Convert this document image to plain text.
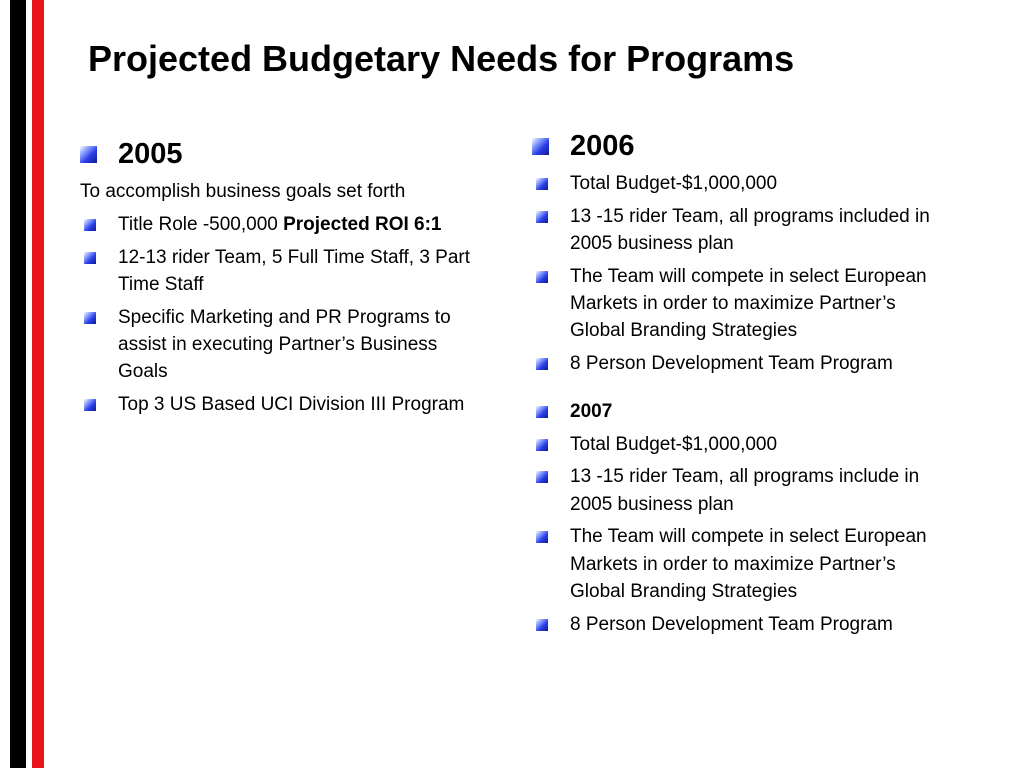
Projected Budgetary Needs for Programs
2005

To accomplish business goals set forth

Title Role -500,000 Projected ROI 6:1
12-13 rider Team, 5 Full Time Staff, 3 Part Time Staff
Specific Marketing and PR Programs to assist in executing Partner’s Business Goals
Top 3 US Based UCI Division III Program
2006
Total Budget-$1,000,000
13 -15 rider Team, all programs included in 2005 business plan
The Team will compete in select European Markets in order to maximize Partner’s Global Branding Strategies
8 Person Development Team Program
2007
Total Budget-$1,000,000
13 -15 rider Team, all programs include in 2005 business plan
The Team will compete in select European Markets in order to maximize Partner’s Global Branding Strategies
8 Person Development Team Program
